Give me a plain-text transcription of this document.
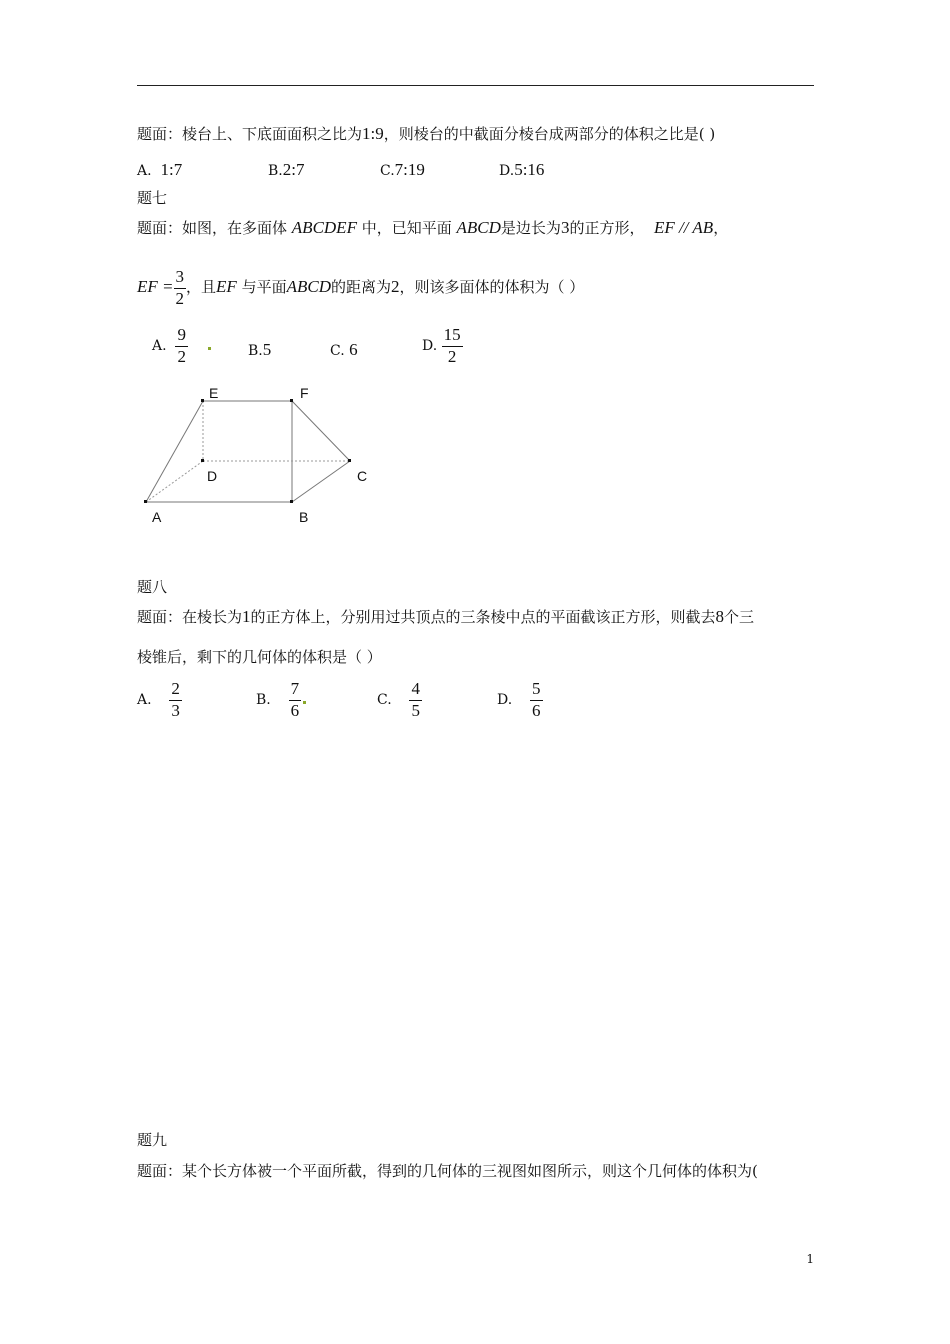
题面：棱台上、下底面面积之比为1:9，则棱台的中截面分棱台成两部分的体积之比是( )
A. 1:7	B.2:7	C.7:19	D.5:16
题七
题面：如图，在多面体 ABCDEF 中，已知平面 ABCD是边长为3的正方形， EF // AB，
EF = $\frac{3}{2}$ ，且EF 与平面ABCD的距离为2，则该多面体的体积为（ ）
A. $\frac{9}{2}$
	B.5	C. 6	D. $\frac{15}{2}$
E	F
D	C
A	B
题八
题面：在棱长为1的正方体上，分别用过共顶点的三条棱中点的平面截该正方形，则截去8个三
棱锥后，剩下的几何体的体积是（ ）
A. $\frac{2}{3}$	B. $\frac{7}{6}$	C. $\frac{4}{5}$	D. $\frac{5}{6}$
题九
题面：某个长方体被一个平面所截，得到的几何体的三视图如图所示，则这个几何体的体积为(
1
